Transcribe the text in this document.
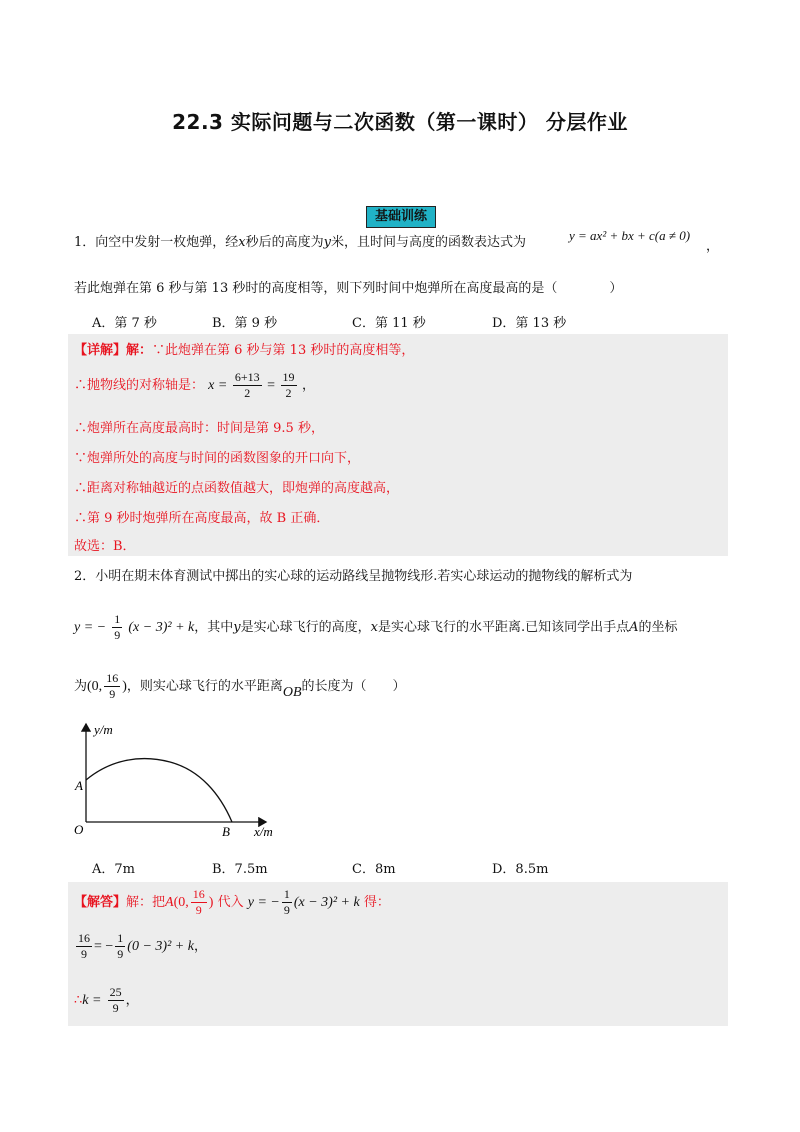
22.3 实际问题与二次函数（第一课时） 分层作业
基础训练
1．向空中发射一枚炮弹，经x秒后的高度为y米，且时间与高度的函数表达式为	y = ax² + bx + c(a ≠ 0)
，
若此炮弹在第 6 秒与第 13 秒时的高度相等，则下列时间中炮弹所在高度最高的是（　　　　）
A．第 7 秒	B．第 9 秒	C．第 11 秒	D．第 13 秒
【详解】解：∵此炮弹在第 6 秒与第 13 秒时的高度相等，
∴抛物线的对称轴是： $x = \frac{6+13}{2} = \frac{19}{2}$ ，
∴炮弹所在高度最高时：时间是第 9.5 秒，
∵炮弹所处的高度与时间的函数图象的开口向下，
∴距离对称轴越近的点函数值越大，即炮弹的高度越高，
∴第 9 秒时炮弹所在高度最高，故 B 正确．
故选：B．
2．小明在期末体育测试中掷出的实心球的运动路线呈抛物线形.若实心球运动的抛物线的解析式为
y = − $\frac{1}{9} (x - 3)^2 + k$，其中y是实心球飞行的高度，x是实心球飞行的水平距离.已知该同学出手点A的坐标
为(0, $\frac{16}{9}$ )，则实心球飞行的水平距离OB的长度为（　　）
y/m
x/m
O
A
B
A．7m	B．7.5m	C．8m	D．8.5m
【解答】解：把A(0, $\frac{16}{9}$ ) 代入 y = − $\frac{1}{9} (x - 3)^2 + k$ 得：
$\frac{16}{9}$ = − $\frac{1}{9} (0 - 3)^2 + k$，
∴k = $\frac{25}{9}$ ，
